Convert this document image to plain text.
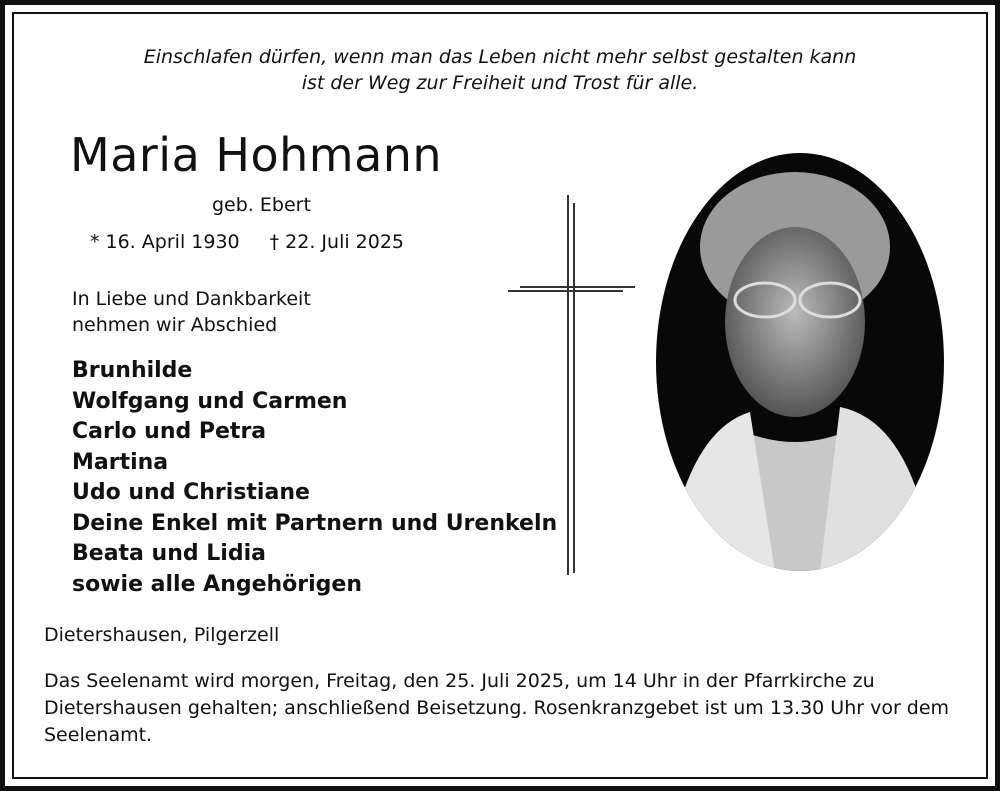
Einschlafen dürfen, wenn man das Leben nicht mehr selbst gestalten kann
ist der Weg zur Freiheit und Trost für alle.
Maria Hohmann
geb. Ebert
* 16. April 1930 † 22. Juli 2025
In Liebe und Dankbarkeit
nehmen wir Abschied
Brunhilde
Wolfgang und Carmen
Carlo und Petra
Martina
Udo und Christiane
Deine Enkel mit Partnern und Urenkeln
Beata und Lidia
sowie alle Angehörigen
Dietershausen, Pilgerzell
Das Seelenamt wird morgen, Freitag, den 25. Juli 2025, um 14 Uhr in der Pfarrkirche zu Dietershausen gehalten; anschließend Beisetzung. Rosenkranzgebet ist um 13.30 Uhr vor dem Seelenamt.
